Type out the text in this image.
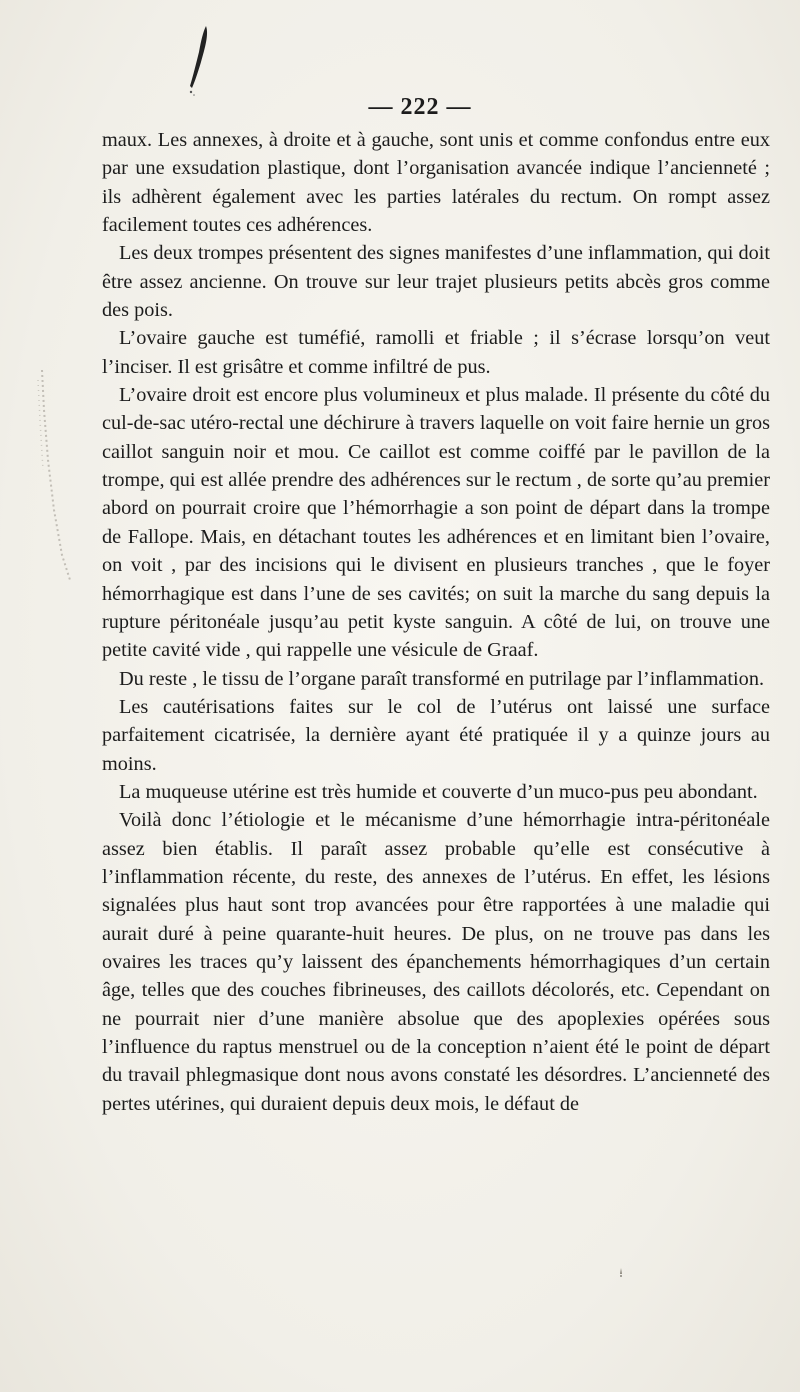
— 222 —

maux. Les annexes, à droite et à gauche, sont unis et comme confondus entre eux par une exsudation plastique, dont l’organisation avancée indique l’ancienneté ; ils adhèrent également avec les parties latérales du rectum. On rompt assez facilement toutes ces adhérences.

Les deux trompes présentent des signes manifestes d’une inflammation, qui doit être assez ancienne. On trouve sur leur trajet plusieurs petits abcès gros comme des pois.

L’ovaire gauche est tuméfié, ramolli et friable ; il s’écrase lorsqu’on veut l’inciser. Il est grisâtre et comme infiltré de pus.

L’ovaire droit est encore plus volumineux et plus malade. Il présente du côté du cul-de-sac utéro-rectal une déchirure à travers laquelle on voit faire hernie un gros caillot sanguin noir et mou. Ce caillot est comme coiffé par le pavillon de la trompe, qui est allée prendre des adhérences sur le rectum , de sorte qu’au premier abord on pourrait croire que l’hémorrhagie a son point de départ dans la trompe de Fallope. Mais, en détachant toutes les adhérences et en limitant bien l’ovaire, on voit , par des incisions qui le divisent en plusieurs tranches , que le foyer hémorrhagique est dans l’une de ses cavités; on suit la marche du sang depuis la rupture péritonéale jusqu’au petit kyste sanguin. A côté de lui, on trouve une petite cavité vide , qui rappelle une vésicule de Graaf.

Du reste , le tissu de l’organe paraît transformé en putrilage par l’inflammation.

Les cautérisations faites sur le col de l’utérus ont laissé une surface parfaitement cicatrisée, la dernière ayant été pratiquée il y a quinze jours au moins.

La muqueuse utérine est très humide et couverte d’un muco-pus peu abondant.

Voilà donc l’étiologie et le mécanisme d’une hémorrhagie intra-péritonéale assez bien établis. Il paraît assez probable qu’elle est consécutive à l’inflammation récente, du reste, des annexes de l’utérus. En effet, les lésions signalées plus haut sont trop avancées pour être rapportées à une maladie qui aurait duré à peine quarante-huit heures. De plus, on ne trouve pas dans les ovaires les traces qu’y laissent des épanchements hémorrhagiques d’un certain âge, telles que des couches fibrineuses, des caillots décolorés, etc. Cependant on ne pourrait nier d’une manière absolue que des apoplexies opérées sous l’influence du raptus menstruel ou de la conception n’aient été le point de départ du travail phlegmasique dont nous avons constaté les désordres. L’ancienneté des pertes utérines, qui duraient depuis deux mois, le défaut de
